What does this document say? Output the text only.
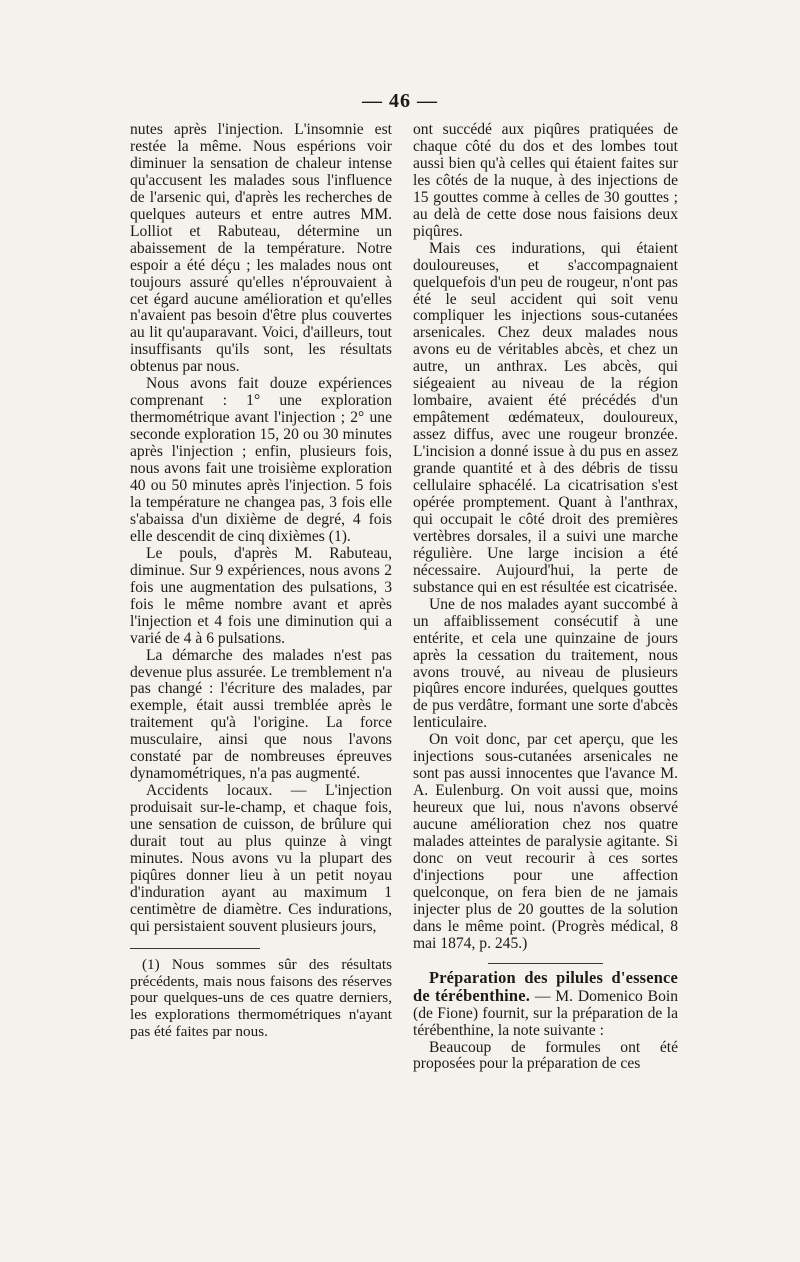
— 46 —

nutes après l'injection. L'insomnie est restée la même. Nous espérions voir diminuer la sensation de chaleur intense qu'accusent les malades sous l'influence de l'arsenic qui, d'après les recherches de quelques auteurs et entre autres MM. Lolliot et Rabuteau, détermine un abaissement de la température. Notre espoir a été déçu ; les malades nous ont toujours assuré qu'elles n'éprouvaient à cet égard aucune amélioration et qu'elles n'avaient pas besoin d'être plus couvertes au lit qu'auparavant. Voici, d'ailleurs, tout insuffisants qu'ils sont, les résultats obtenus par nous.

Nous avons fait douze expériences comprenant : 1° une exploration thermométrique avant l'injection ; 2° une seconde exploration 15, 20 ou 30 minutes après l'injection ; enfin, plusieurs fois, nous avons fait une troisième exploration 40 ou 50 minutes après l'injection. 5 fois la température ne changea pas, 3 fois elle s'abaissa d'un dixième de degré, 4 fois elle descendit de cinq dixièmes (1).

Le pouls, d'après M. Rabuteau, diminue. Sur 9 expériences, nous avons 2 fois une augmentation des pulsations, 3 fois le même nombre avant et après l'injection et 4 fois une diminution qui a varié de 4 à 6 pulsations.

La démarche des malades n'est pas devenue plus assurée. Le tremblement n'a pas changé : l'écriture des malades, par exemple, était aussi tremblée après le traitement qu'à l'origine. La force musculaire, ainsi que nous l'avons constaté par de nombreuses épreuves dynamométriques, n'a pas augmenté.

Accidents locaux. — L'injection produisait sur-le-champ, et chaque fois, une sensation de cuisson, de brûlure qui durait tout au plus quinze à vingt minutes. Nous avons vu la plupart des piqûres donner lieu à un petit noyau d'induration ayant au maximum 1 centimètre de diamètre. Ces indurations, qui persistaient souvent plusieurs jours,

(1) Nous sommes sûr des résultats précédents, mais nous faisons des réserves pour quelques-uns de ces quatre derniers, les explorations thermométriques n'ayant pas été faites par nous.

ont succédé aux piqûres pratiquées de chaque côté du dos et des lombes tout aussi bien qu'à celles qui étaient faites sur les côtés de la nuque, à des injections de 15 gouttes comme à celles de 30 gouttes ; au delà de cette dose nous faisions deux piqûres.

Mais ces indurations, qui étaient douloureuses, et s'accompagnaient quelquefois d'un peu de rougeur, n'ont pas été le seul accident qui soit venu compliquer les injections sous-cutanées arsenicales. Chez deux malades nous avons eu de véritables abcès, et chez un autre, un anthrax. Les abcès, qui siégeaient au niveau de la région lombaire, avaient été précédés d'un empâtement œdémateux, douloureux, assez diffus, avec une rougeur bronzée. L'incision a donné issue à du pus en assez grande quantité et à des débris de tissu cellulaire sphacélé. La cicatrisation s'est opérée promptement. Quant à l'anthrax, qui occupait le côté droit des premières vertèbres dorsales, il a suivi une marche régulière. Une large incision a été nécessaire. Aujourd'hui, la perte de substance qui en est résultée est cicatrisée.

Une de nos malades ayant succombé à un affaiblissement consécutif à une entérite, et cela une quinzaine de jours après la cessation du traitement, nous avons trouvé, au niveau de plusieurs piqûres encore indurées, quelques gouttes de pus verdâtre, formant une sorte d'abcès lenticulaire.

On voit donc, par cet aperçu, que les injections sous-cutanées arsenicales ne sont pas aussi innocentes que l'avance M. A. Eulenburg. On voit aussi que, moins heureux que lui, nous n'avons observé aucune amélioration chez nos quatre malades atteintes de paralysie agitante. Si donc on veut recourir à ces sortes d'injections pour une affection quelconque, on fera bien de ne jamais injecter plus de 20 gouttes de la solution dans le même point. (Progrès médical, 8 mai 1874, p. 245.)

Préparation des pilules d'essence de térébenthine. — M. Domenico Boin (de Fione) fournit, sur la préparation de la térébenthine, la note suivante :

Beaucoup de formules ont été proposées pour la préparation de ces
